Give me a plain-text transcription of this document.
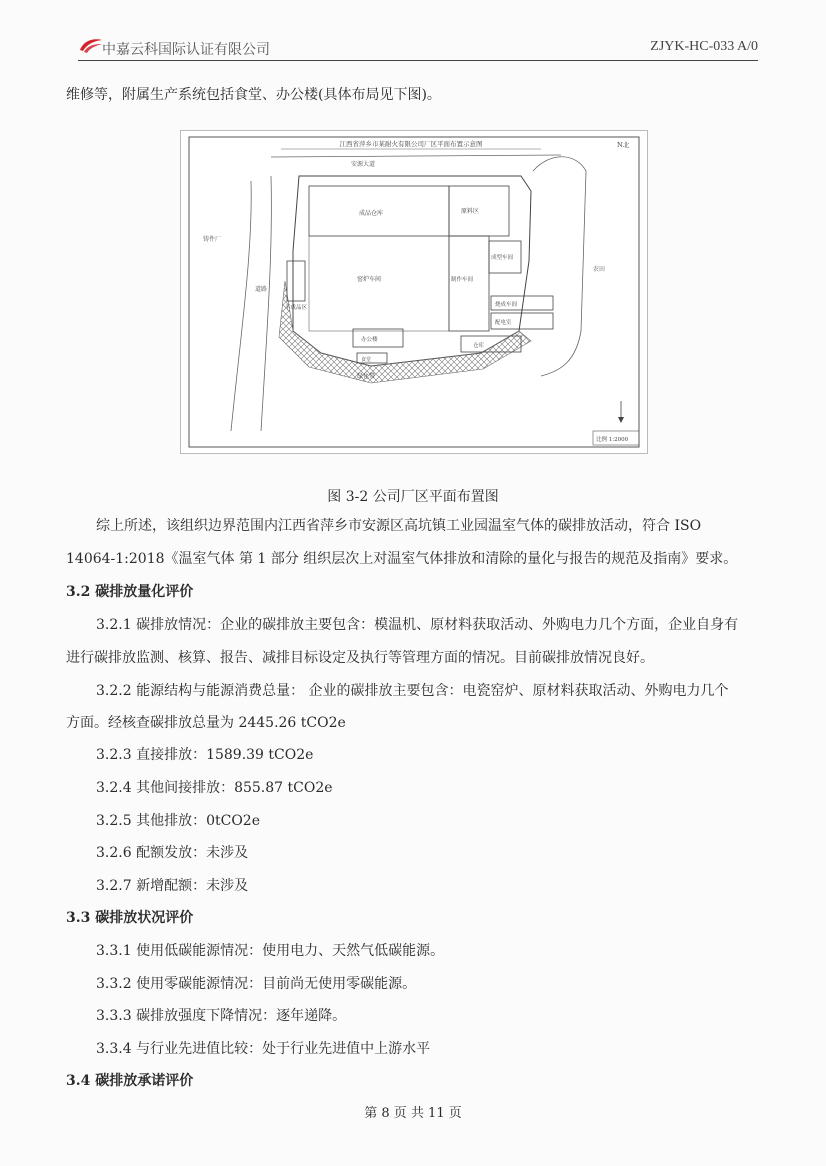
中嘉云科国际认证有限公司	ZJYK-HC-033 A/0
维修等，附属生产系统包括食堂、办公楼(具体布局见下图)。
江西省萍乡市某耐火有限公司厂区平面布置示意图	N北
安源大道
道路
铸件厂
绿化带
成品仓库	原料区
窑炉车间
半成品区
制作车间
成型车间
烧成车间
配电室
办公楼
仓库
食堂
农田
比例 1:2000
图 3-2 公司厂区平面布置图
综上所述，该组织边界范围内江西省萍乡市安源区高坑镇工业园温室气体的碳排放活动，符合 ISO
14064-1:2018《温室气体 第 1 部分 组织层次上对温室气体排放和清除的量化与报告的规范及指南》要求。
3.2 碳排放量化评价
3.2.1 碳排放情况：企业的碳排放主要包含：模温机、原材料获取活动、外购电力几个方面，企业自身有
进行碳排放监测、核算、报告、减排目标设定及执行等管理方面的情况。目前碳排放情况良好。
3.2.2 能源结构与能源消费总量： 企业的碳排放主要包含：电瓷窑炉、原材料获取活动、外购电力几个
方面。经核查碳排放总量为 2445.26 tCO2e
3.2.3 直接排放：1589.39 tCO2e
3.2.4 其他间接排放：855.87 tCO2e
3.2.5 其他排放：0tCO2e
3.2.6 配额发放：未涉及
3.2.7 新增配额：未涉及
3.3 碳排放状况评价
3.3.1 使用低碳能源情况：使用电力、天然气低碳能源。
3.3.2 使用零碳能源情况：目前尚无使用零碳能源。
3.3.3 碳排放强度下降情况：逐年递降。
3.3.4 与行业先进值比较：处于行业先进值中上游水平
3.4 碳排放承诺评价
第 8 页 共 11 页
